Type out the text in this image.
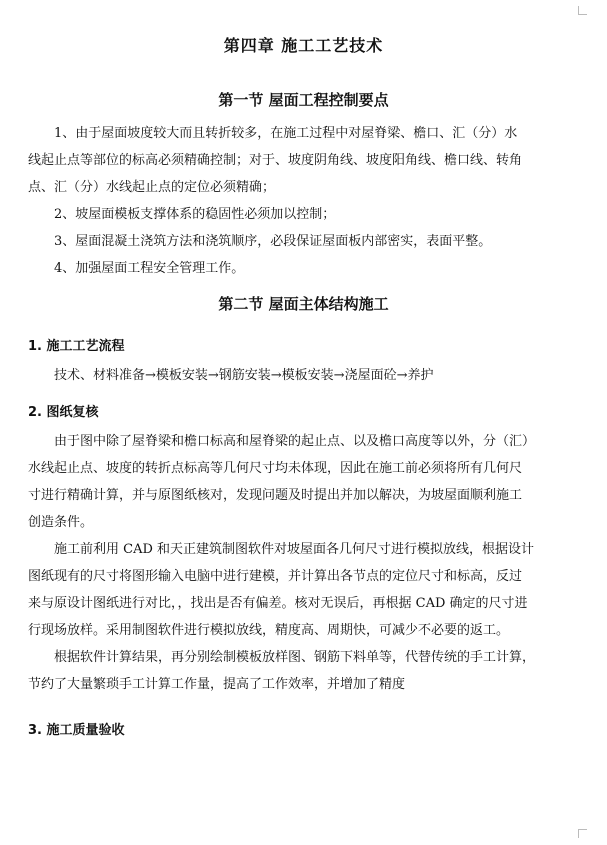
第四章 施工工艺技术
第一节 屋面工程控制要点

1、由于屋面坡度较大而且转折较多，在施工过程中对屋脊梁、檐口、汇（分）水
线起止点等部位的标高必须精确控制；对于、坡度阴角线、坡度阳角线、檐口线、转角
点、汇（分）水线起止点的定位必须精确；

2、坡屋面模板支撑体系的稳固性必须加以控制；

3、屋面混凝土浇筑方法和浇筑顺序，必段保证屋面板内部密实，表面平整。

4、加强屋面工程安全管理工作。

第二节 屋面主体结构施工
1. 施工工艺流程

技术、材料准备→模板安装→钢筋安装→模板安装→浇屋面砼→养护

2. 图纸复核

由于图中除了屋脊梁和檐口标高和屋脊梁的起止点、以及檐口高度等以外，分（汇）
水线起止点、坡度的转折点标高等几何尺寸均未体现，因此在施工前必须将所有几何尺
寸进行精确计算，并与原图纸核对，发现问题及时提出并加以解决，为坡屋面顺利施工
创造条件。

施工前利用 CAD 和天正建筑制图软件对坡屋面各几何尺寸进行模拟放线，根据设计
图纸现有的尺寸将图形输入电脑中进行建模，并计算出各节点的定位尺寸和标高，反过
来与原设计图纸进行对比，，找出是否有偏差。核对无误后，再根据 CAD 确定的尺寸进
行现场放样。采用制图软件进行模拟放线，精度高、周期快，可减少不必要的返工。

根据软件计算结果，再分别绘制模板放样图、钢筋下料单等，代替传统的手工计算，
节约了大量繁琐手工计算工作量，提高了工作效率，并增加了精度

3. 施工质量验收
